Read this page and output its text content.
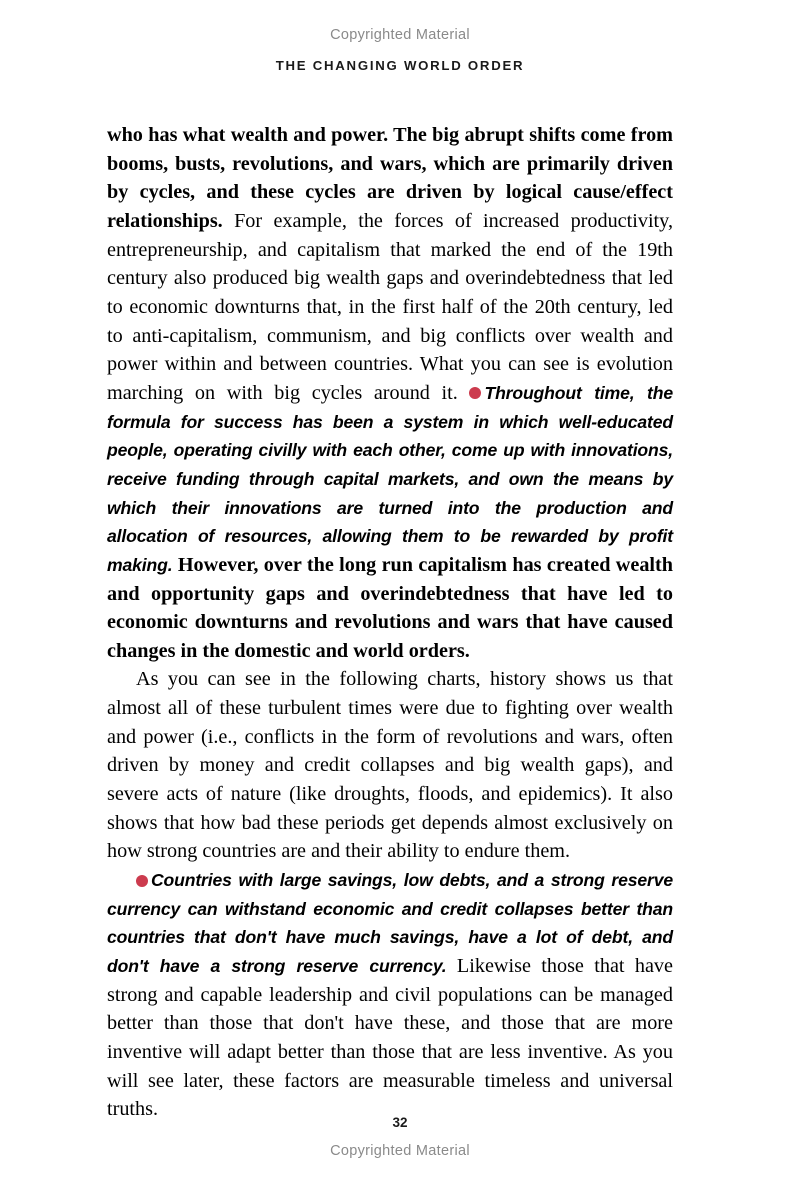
Copyrighted Material
THE CHANGING WORLD ORDER

who has what wealth and power. The big abrupt shifts come from booms, busts, revolutions, and wars, which are primarily driven by cycles, and these cycles are driven by logical cause/effect relationships. For example, the forces of increased productivity, entrepreneurship, and capitalism that marked the end of the 19th century also produced big wealth gaps and overindebtedness that led to economic downturns that, in the first half of the 20th century, led to anti-capitalism, communism, and big conflicts over wealth and power within and between countries. What you can see is evolution marching on with big cycles around it. Throughout time, the formula for success has been a system in which well-educated people, operating civilly with each other, come up with innovations, receive funding through capital markets, and own the means by which their innovations are turned into the production and allocation of resources, allowing them to be rewarded by profit making. However, over the long run capitalism has created wealth and opportunity gaps and overindebtedness that have led to economic downturns and revolutions and wars that have caused changes in the domestic and world orders.

As you can see in the following charts, history shows us that almost all of these turbulent times were due to fighting over wealth and power (i.e., conflicts in the form of revolutions and wars, often driven by money and credit collapses and big wealth gaps), and severe acts of nature (like droughts, floods, and epidemics). It also shows that how bad these periods get depends almost exclusively on how strong countries are and their ability to endure them.

Countries with large savings, low debts, and a strong reserve currency can withstand economic and credit collapses better than countries that don't have much savings, have a lot of debt, and don't have a strong reserve currency. Likewise those that have strong and capable leadership and civil populations can be managed better than those that don't have these, and those that are more inventive will adapt better than those that are less inventive. As you will see later, these factors are measurable timeless and universal truths.

32
Copyrighted Material
